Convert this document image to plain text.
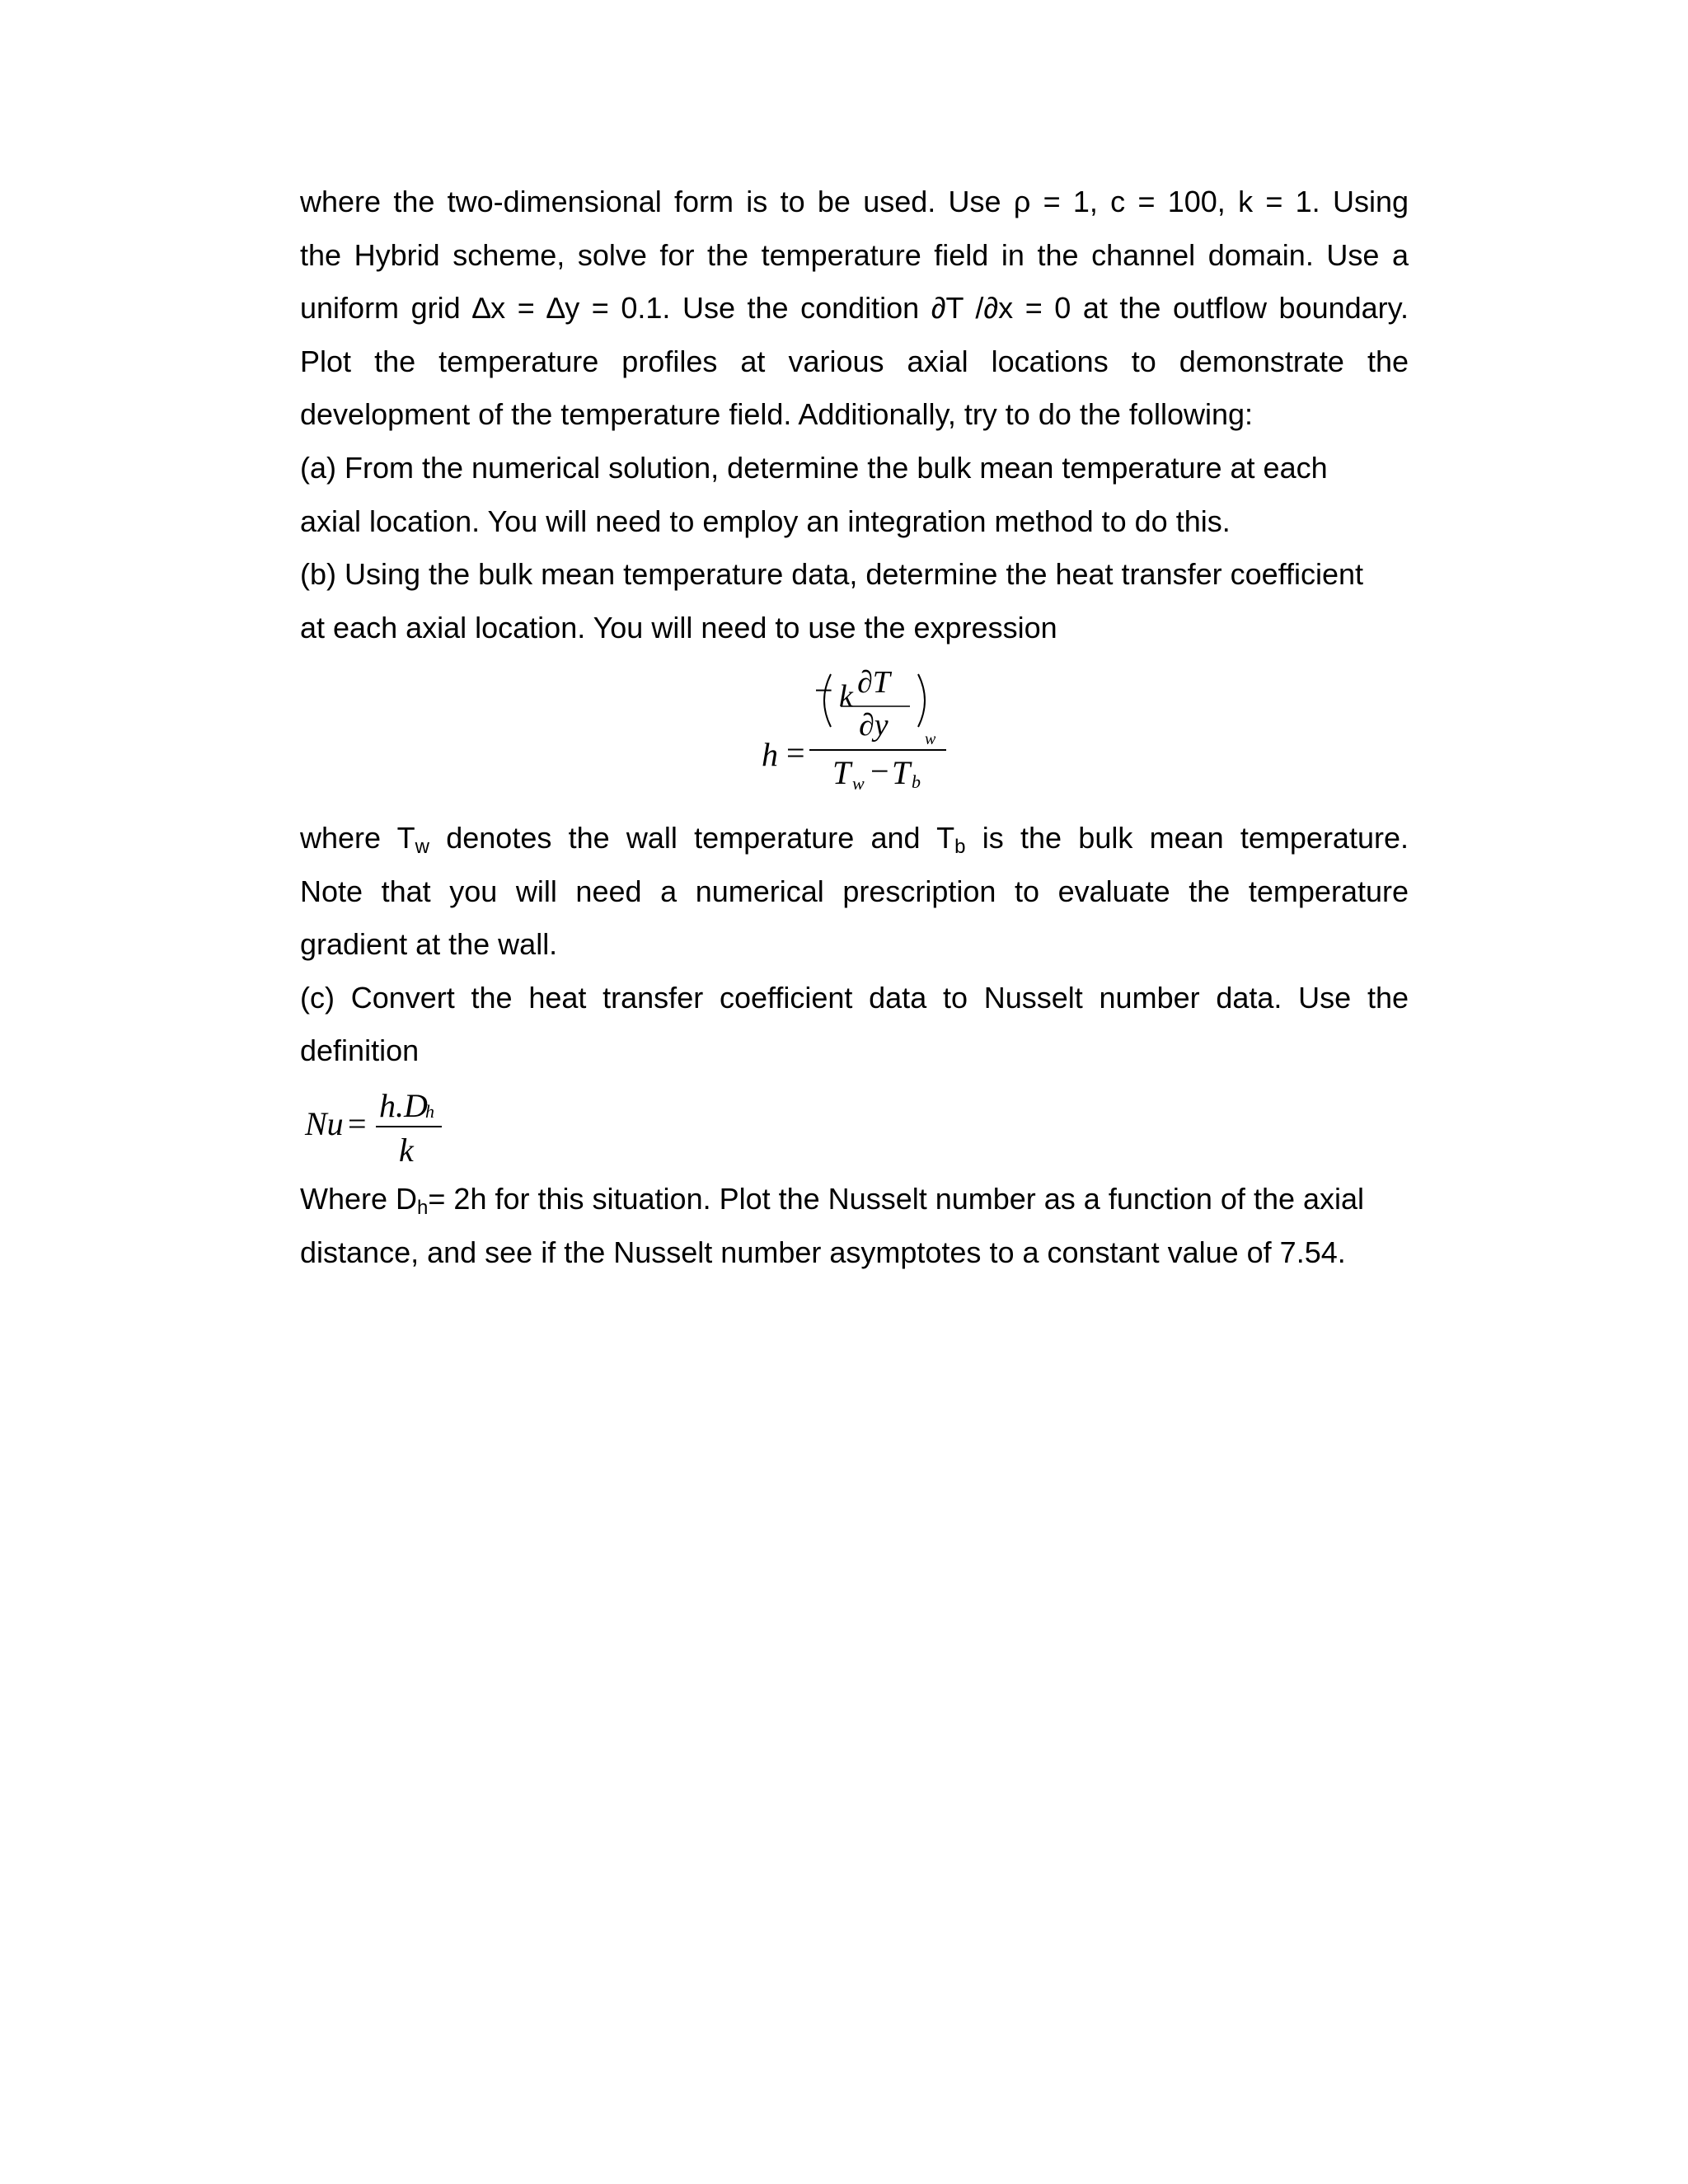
where the two-dimensional form is to be used. Use ρ = 1, c = 100, k = 1. Using
the Hybrid scheme, solve for the temperature field in the channel domain. Use a
uniform grid ∆x = ∆y = 0.1. Use the condition ∂T /∂x = 0 at the outflow boundary.
Plot the temperature profiles at various axial locations to demonstrate the
development of the temperature field. Additionally, try to do the following:
(a) From the numerical solution, determine the bulk mean temperature at each
axial location. You will need to employ an integration method to do this.
(b) Using the bulk mean temperature data, determine the heat transfer coefficient
at each axial location. You will need to use the expression
− k ∂T
∂y w
h =
T w − T b
where $T_w$ denotes the wall temperature and $T_b$ is the bulk mean temperature.
Note that you will need a numerical prescription to evaluate the temperature
gradient at the wall.
(c) Convert the heat transfer coefficient data to Nusselt number data. Use the
definition
Nu = h.D
h
k
Where $D_h= 2h$ for this situation. Plot the Nusselt number as a function of the axial
distance, and see if the Nusselt number asymptotes to a constant value of 7.54.
